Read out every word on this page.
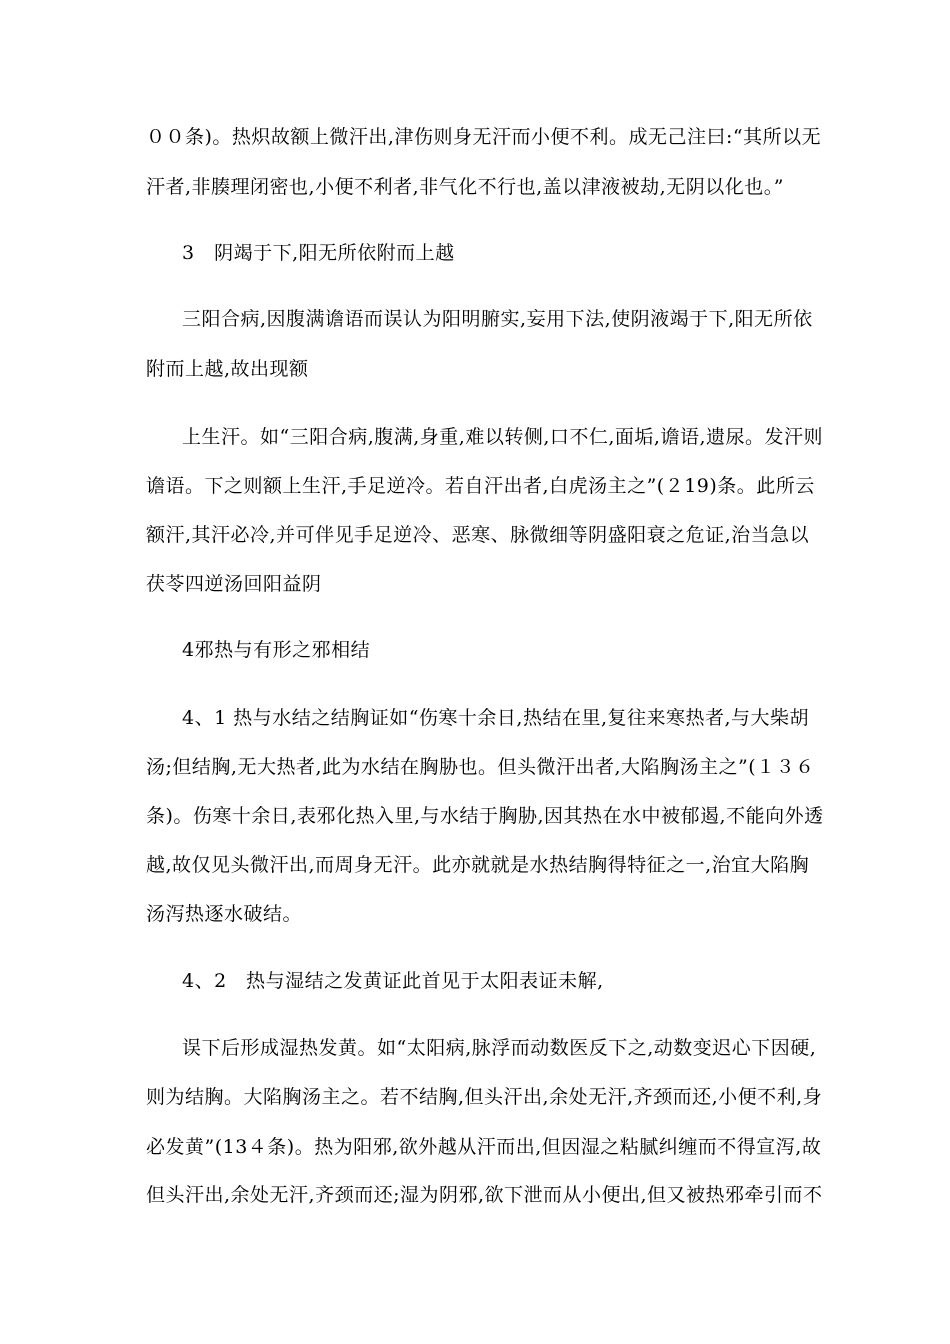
００条)。热炽故额上微汗出,津伤则身无汗而小便不利。成无己注曰:“其所以无
汗者,非腠理闭密也,小便不利者,非气化不行也,盖以津液被劫,无阴以化也。”
3　阴竭于下,阳无所依附而上越
三阳合病,因腹满谵语而误认为阳明腑实,妄用下法,使阴液竭于下,阳无所依
附而上越,故出现额
上生汗。如“三阳合病,腹满,身重,难以转侧,口不仁,面垢,谵语,遗尿。发汗则
谵语。下之则额上生汗,手足逆冷。若自汗出者,白虎汤主之”(２19)条。此所云
额汗,其汗必冷,并可伴见手足逆冷、恶寒、脉微细等阴盛阳衰之危证,治当急以
茯苓四逆汤回阳益阴
4邪热与有形之邪相结
4、1 热与水结之结胸证如“伤寒十余日,热结在里,复往来寒热者,与大柴胡
汤;但结胸,无大热者,此为水结在胸胁也。但头微汗出者,大陷胸汤主之”(１３６
条)。伤寒十余日,表邪化热入里,与水结于胸胁,因其热在水中被郁遏,不能向外透
越,故仅见头微汗出,而周身无汗。此亦就就是水热结胸得特征之一,治宜大陷胸
汤泻热逐水破结。
4、2　热与湿结之发黄证此首见于太阳表证未解,
误下后形成湿热发黄。如“太阳病,脉浮而动数医反下之,动数变迟心下因硬,
则为结胸。大陷胸汤主之。若不结胸,但头汗出,余处无汗,齐颈而还,小便不利,身
必发黄”(13４条)。热为阳邪,欲外越从汗而出,但因湿之粘腻纠缠而不得宣泻,故
但头汗出,余处无汗,齐颈而还;湿为阴邪,欲下泄而从小便出,但又被热邪牵引而不
